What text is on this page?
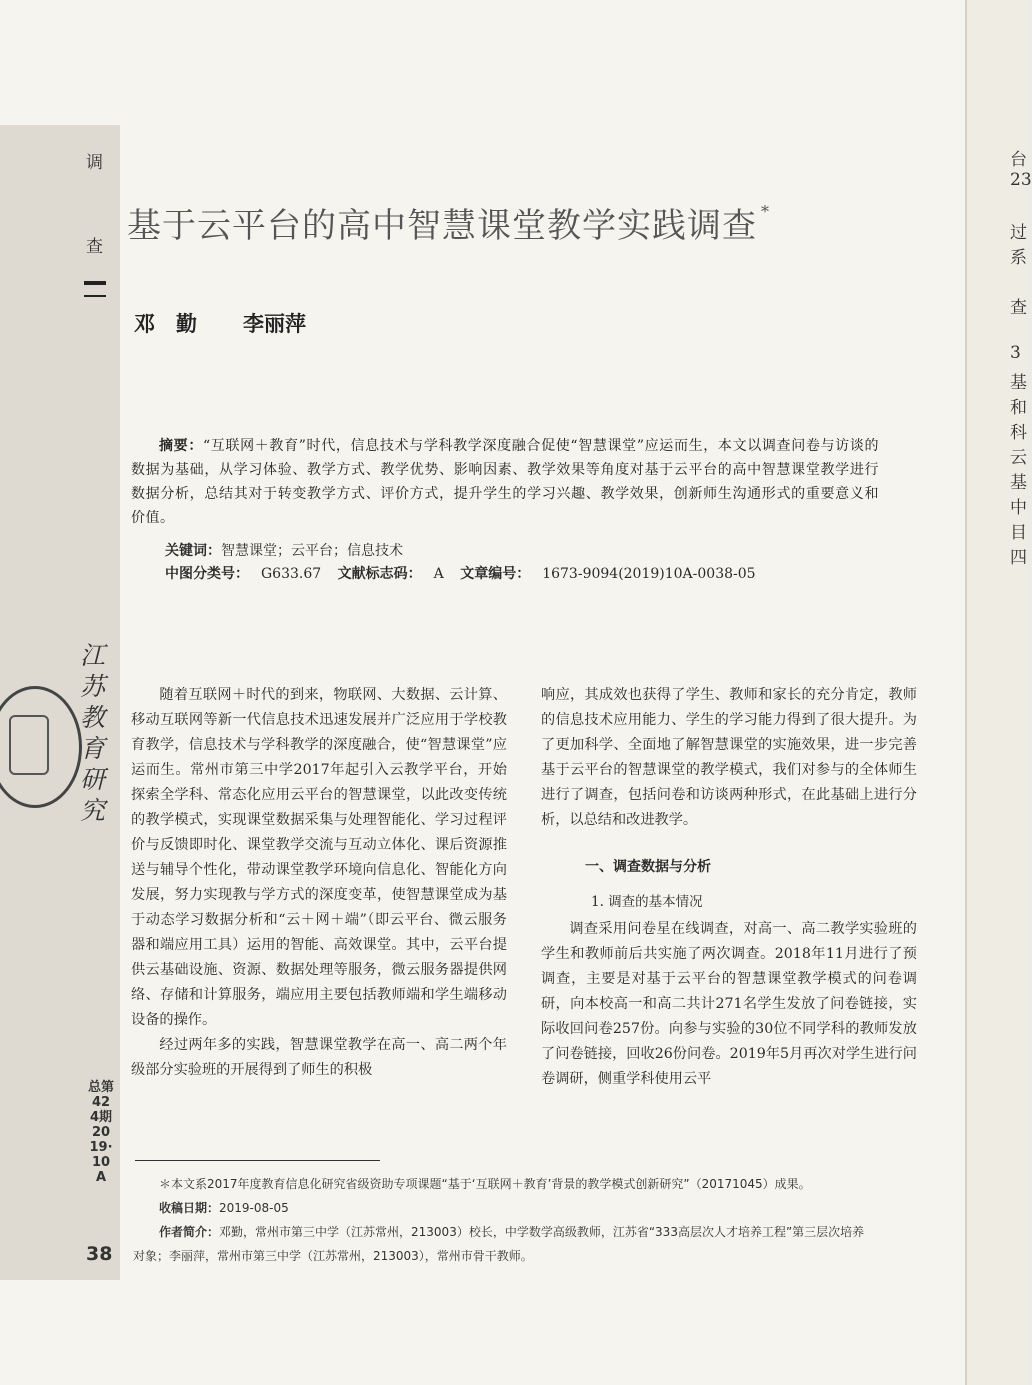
台
23
过
系
查
3
基
和
科
云
基
中
目
四
调
查
江苏教育研究
总第424期 2019·10A
38
基于云平台的高中智慧课堂教学实践调查 *
邓　勤 李丽萍

摘要：“互联网＋教育”时代，信息技术与学科教学深度融合促使“智慧课堂”应运而生，本文以调查问卷与访谈的数据为基础，从学习体验、教学方式、教学优势、影响因素、教学效果等角度对基于云平台的高中智慧课堂教学进行数据分析，总结其对于转变教学方式、评价方式，提升学生的学习兴趣、教学效果，创新师生沟通形式的重要意义和价值。

关键词：智慧课堂；云平台；信息技术
中图分类号： G633.67 文献标志码： A 文章编号： 1673-9094(2019)10A-0038-05

随着互联网＋时代的到来，物联网、大数据、云计算、移动互联网等新一代信息技术迅速发展并广泛应用于学校教育教学，信息技术与学科教学的深度融合，使“智慧课堂”应运而生。常州市第三中学2017年起引入云教学平台，开始探索全学科、常态化应用云平台的智慧课堂，以此改变传统的教学模式，实现课堂数据采集与处理智能化、学习过程评价与反馈即时化、课堂教学交流与互动立体化、课后资源推送与辅导个性化，带动课堂教学环境向信息化、智能化方向发展，努力实现教与学方式的深度变革，使智慧课堂成为基于动态学习数据分析和“云＋网＋端”（即云平台、微云服务器和端应用工具）运用的智能、高效课堂。其中，云平台提供云基础设施、资源、数据处理等服务，微云服务器提供网络、存储和计算服务，端应用主要包括教师端和学生端移动设备的操作。

经过两年多的实践，智慧课堂教学在高一、高二两个年级部分实验班的开展得到了师生的积极

响应，其成效也获得了学生、教师和家长的充分肯定，教师的信息技术应用能力、学生的学习能力得到了很大提升。为了更加科学、全面地了解智慧课堂的实施效果，进一步完善基于云平台的智慧课堂的教学模式，我们对参与的全体师生进行了调查，包括问卷和访谈两种形式，在此基础上进行分析，以总结和改进教学。

一、调查数据与分析

1. 调查的基本情况

调查采用问卷星在线调查，对高一、高二教学实验班的学生和教师前后共实施了两次调查。2018年11月进行了预调查，主要是对基于云平台的智慧课堂教学模式的问卷调研，向本校高一和高二共计271名学生发放了问卷链接，实际收回问卷257份。向参与实验的30位不同学科的教师发放了问卷链接，回收26份问卷。2019年5月再次对学生进行问卷调研，侧重学科使用云平

＊本文系2017年度教育信息化研究省级资助专项课题“基于‘互联网＋教育’背景的教学模式创新研究”（20171045）成果。

收稿日期：2019-08-05

作者简介：邓勤，常州市第三中学（江苏常州，213003）校长，中学数学高级教师，江苏省“333高层次人才培养工程”第三层次培养

对象；李丽萍，常州市第三中学（江苏常州，213003），常州市骨干教师。
